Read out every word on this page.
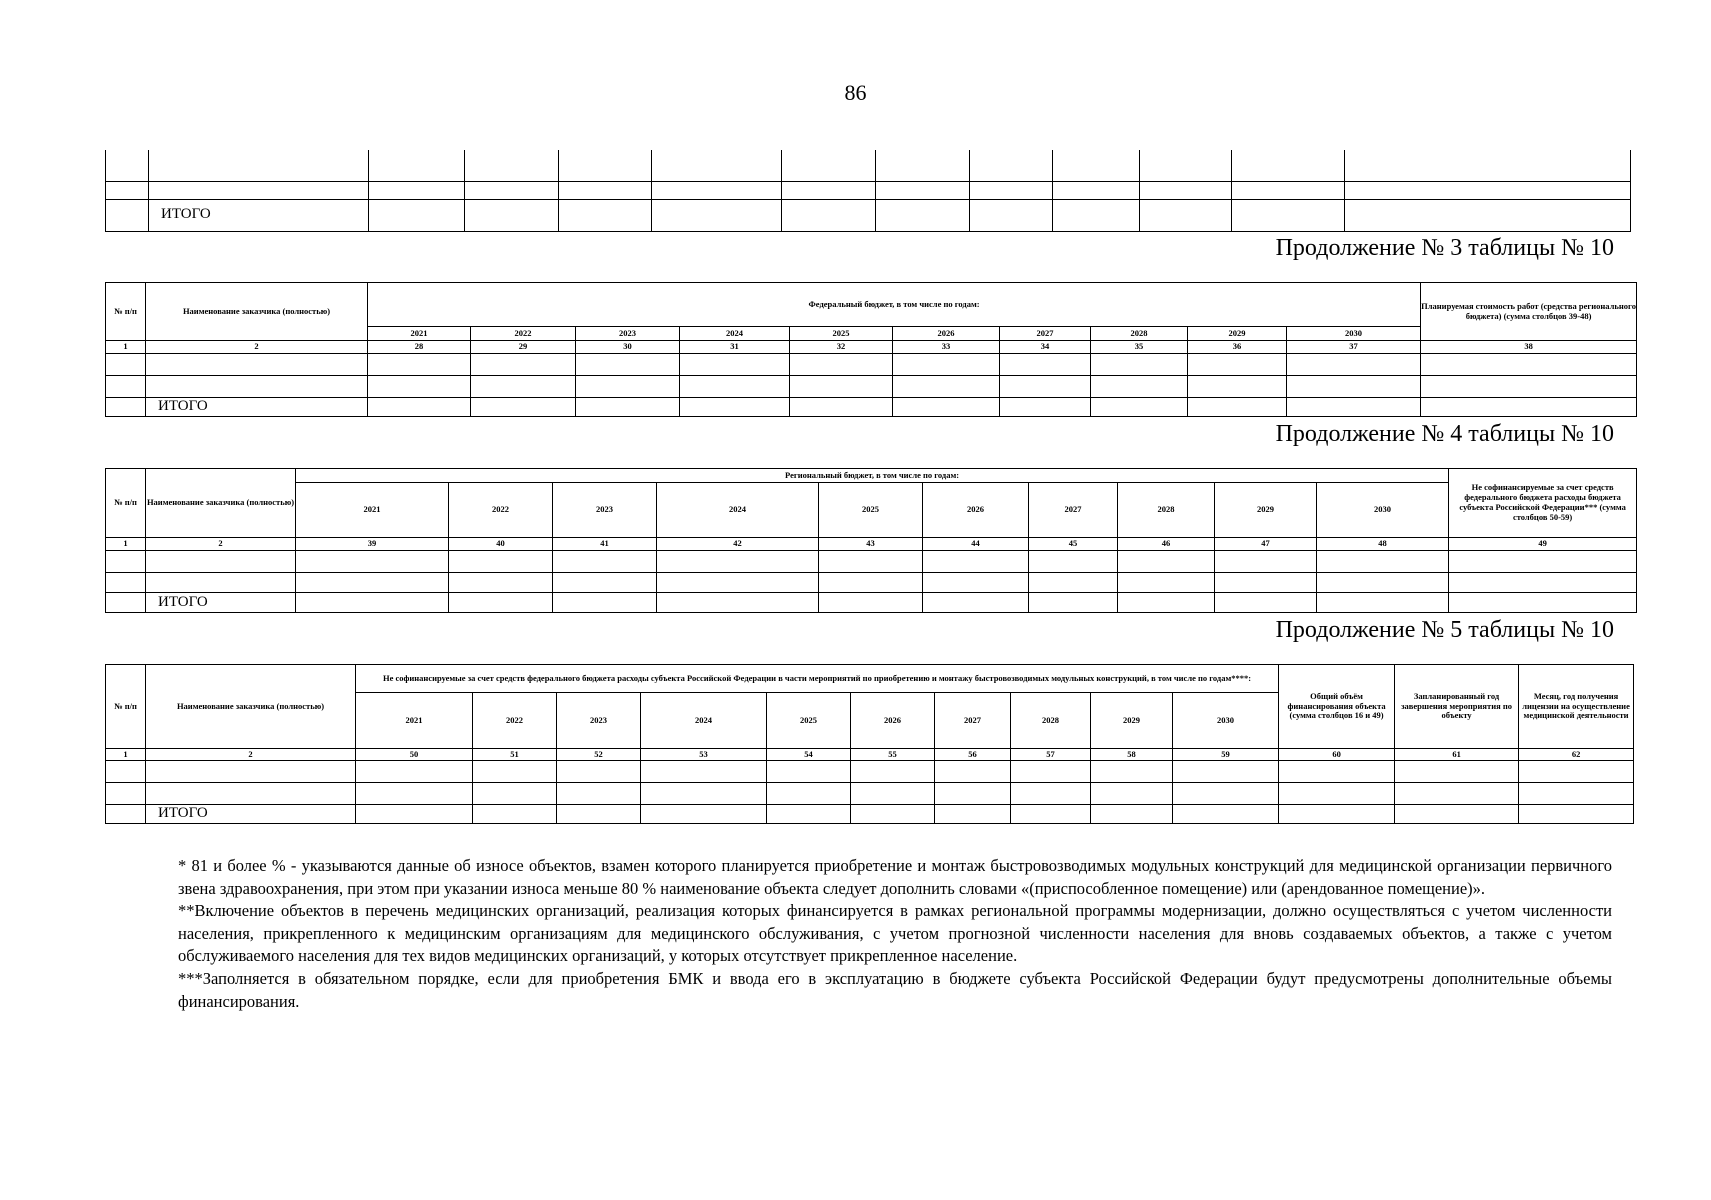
86

	ИТОГО											
Продолжение № 3 таблицы № 10
№ п/п	Наименование заказчика (полностью)	Федеральный бюджет, в том числе по годам:										Планируемая стоимость работ (средства регионального бюджета) (сумма столбцов 39-48)
		2021	2022	2023	2024	2025	2026	2027	2028	2029	2030	
1	2	28	29	30	31	32	33	34	35	36	37	38

	ИТОГО											
Продолжение № 4 таблицы № 10
№ п/п	Наименование заказчика (полностью)	Региональный бюджет, в том числе по годам:										Не софинансируемые за счет средств федерального бюджета расходы бюджета субъекта Российской Федерации*** (сумма столбцов 50-59)
		2021	2022	2023	2024	2025	2026	2027	2028	2029	2030	
1	2	39	40	41	42	43	44	45	46	47	48	49

	ИТОГО											
Продолжение № 5 таблицы № 10
№ п/п	Наименование заказчика (полностью)	Не софинансируемые за счет средств федерального бюджета расходы субъекта Российской Федерации в части мероприятий по приобретению и монтажу быстровозводимых модульных конструкций, в том числе по годам****:										Общий объём финансирования объекта (сумма столбцов 16 и 49)	Запланированный год завершения мероприятия по объекту	Месяц, год получения лицензии на осуществление медицинской деятельности
		2021	2022	2023	2024	2025	2026	2027	2028	2029	2030			
1	2	50	51	52	53	54	55	56	57	58	59	60	61	62

	ИТОГО													

* 81 и более % - указываются данные об износе объектов, взамен которого планируется приобретение и монтаж быстровозводимых модульных конструкций для медицинской организации первичного звена здравоохранения, при этом при указании износа меньше 80 % наименование объекта следует дополнить словами «(приспособленное помещение) или (арендованное помещение)».

**Включение объектов в перечень медицинских организаций, реализация которых финансируется в рамках региональной программы модернизации, должно осуществляться с учетом численности населения, прикрепленного к медицинским организациям для медицинского обслуживания, с учетом прогнозной численности населения для вновь создаваемых объектов, а также с учетом обслуживаемого населения для тех видов медицинских организаций, у которых отсутствует прикрепленное население.

***Заполняется в обязательном порядке, если для приобретения БМК и ввода его в эксплуатацию в бюджете субъекта Российской Федерации будут предусмотрены дополнительные объемы финансирования.
